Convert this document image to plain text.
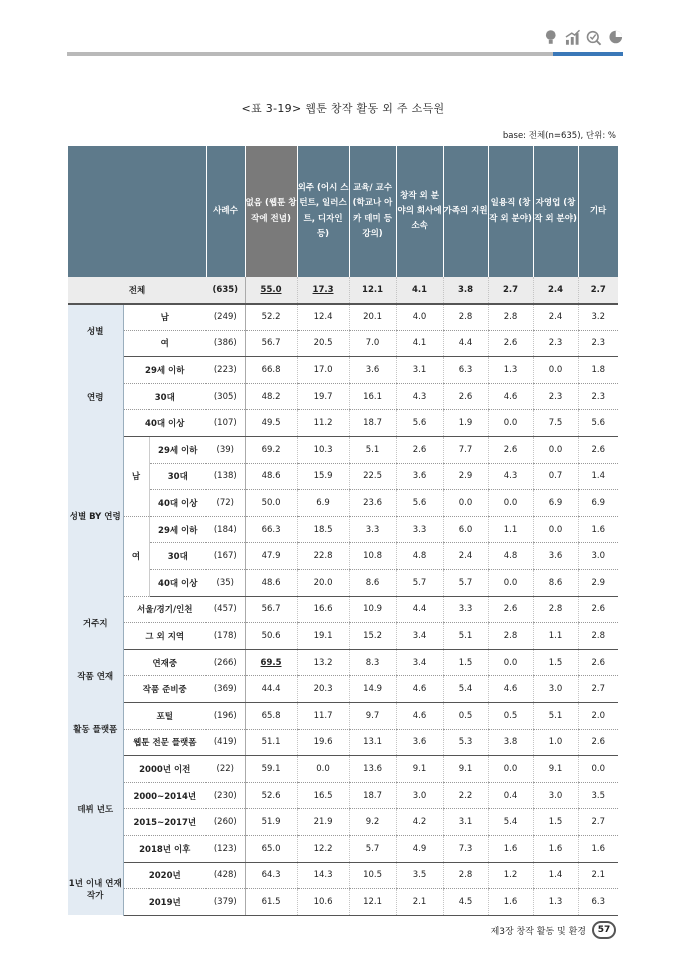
<표 3-19> 웹툰 창작 활동 외 주 소득원
base: 전체(n=635), 단위: %
			사례수	없음 (웹툰 창작에 전념)	외주 (어시 스턴트, 일러스트, 디자인 등)	교육/ 교수 (학교나 아카 데미 등 강의)	창작 외 분야의 회사에 소속	가족의 지원	일용직 (창작 외 분야)	자영업 (창작 외 분야)	기타
전체			(635)	55.0	17.3	12.1	4.1	3.8	2.7	2.4	2.7
성별	남		(249)	52.2	12.4	20.1	4.0	2.8	2.8	2.4	3.2
	여		(386)	56.7	20.5	7.0	4.1	4.4	2.6	2.3	2.3
연령	29세 이하		(223)	66.8	17.0	3.6	3.1	6.3	1.3	0.0	1.8
	30대		(305)	48.2	19.7	16.1	4.3	2.6	4.6	2.3	2.3
	40대 이상		(107)	49.5	11.2	18.7	5.6	1.9	0.0	7.5	5.6
성별 BY 연령	남	29세 이하	(39)	69.2	10.3	5.1	2.6	7.7	2.6	0.0	2.6
		30대	(138)	48.6	15.9	22.5	3.6	2.9	4.3	0.7	1.4
		40대 이상	(72)	50.0	6.9	23.6	5.6	0.0	0.0	6.9	6.9
	여	29세 이하	(184)	66.3	18.5	3.3	3.3	6.0	1.1	0.0	1.6
		30대	(167)	47.9	22.8	10.8	4.8	2.4	4.8	3.6	3.0
		40대 이상	(35)	48.6	20.0	8.6	5.7	5.7	0.0	8.6	2.9
거주지	서울/경기/인천		(457)	56.7	16.6	10.9	4.4	3.3	2.6	2.8	2.6
	그 외 지역		(178)	50.6	19.1	15.2	3.4	5.1	2.8	1.1	2.8
작품 연재	연재중		(266)	69.5	13.2	8.3	3.4	1.5	0.0	1.5	2.6
	작품 준비중		(369)	44.4	20.3	14.9	4.6	5.4	4.6	3.0	2.7
활동 플랫폼	포털		(196)	65.8	11.7	9.7	4.6	0.5	0.5	5.1	2.0
	웹툰 전문 플랫폼		(419)	51.1	19.6	13.1	3.6	5.3	3.8	1.0	2.6
데뷔 년도	2000년 이전		(22)	59.1	0.0	13.6	9.1	9.1	0.0	9.1	0.0
	2000~2014년		(230)	52.6	16.5	18.7	3.0	2.2	0.4	3.0	3.5
	2015~2017년		(260)	51.9	21.9	9.2	4.2	3.1	5.4	1.5	2.7
	2018년 이후		(123)	65.0	12.2	5.7	4.9	7.3	1.6	1.6	1.6
1년 이내 연재 작가	2020년		(428)	64.3	14.3	10.5	3.5	2.8	1.2	1.4	2.1
	2019년		(379)	61.5	10.6	12.1	2.1	4.5	1.6	1.3	6.3
제3장 창작 활동 및 환경	57
